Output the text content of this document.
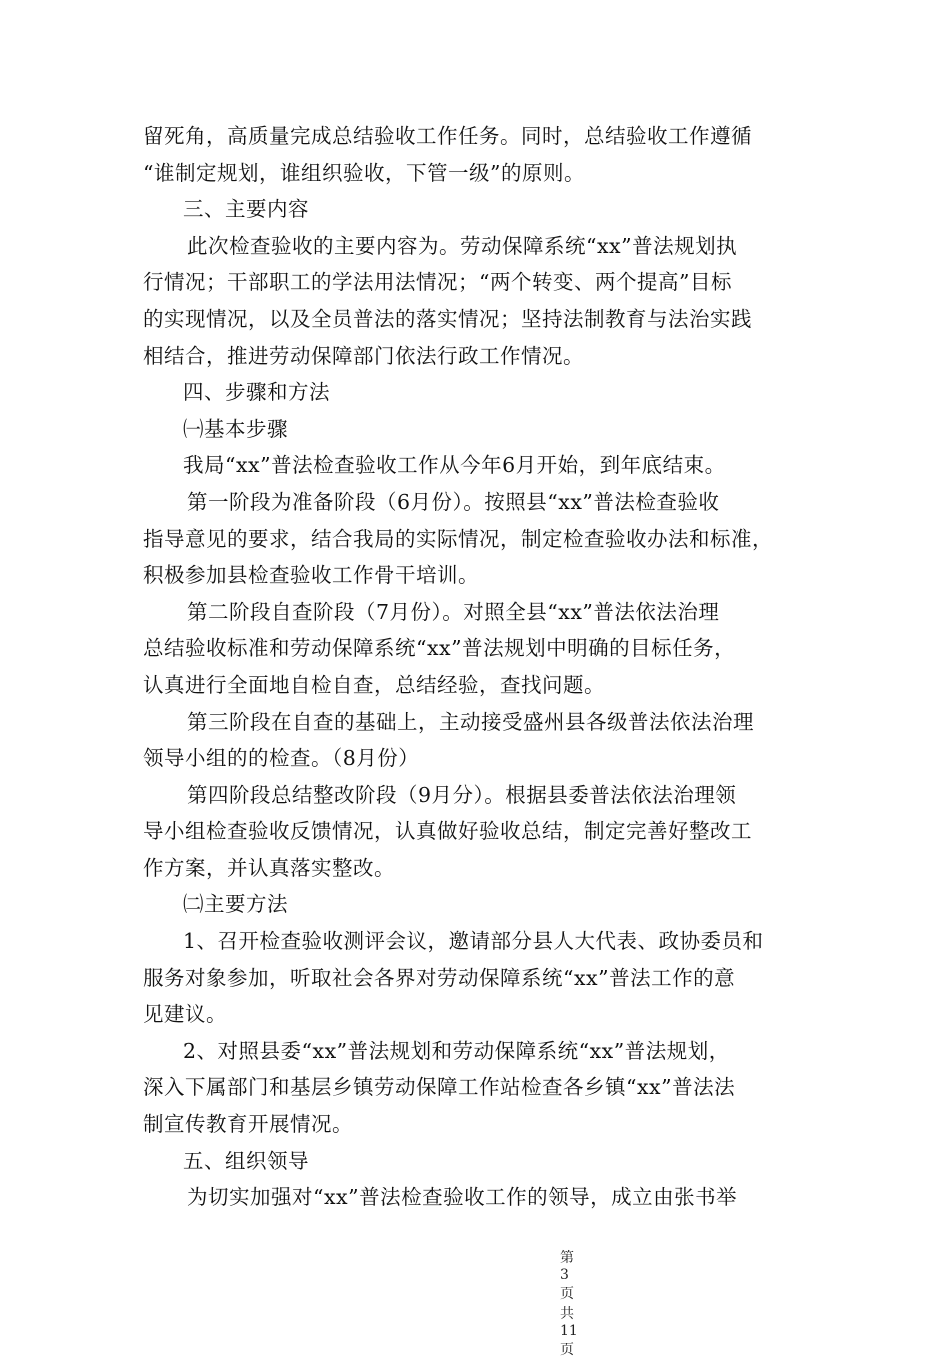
留死角，高质量完成总结验收工作任务。同时，总结验收工作遵循
“谁制定规划，谁组织验收，下管一级”的原则。
三、主要内容
此次检查验收的主要内容为。劳动保障系统“xx”普法规划执
行情况；干部职工的学法用法情况；“两个转变、两个提高”目标
的实现情况，以及全员普法的落实情况；坚持法制教育与法治实践
相结合，推进劳动保障部门依法行政工作情况。
四、步骤和方法
㈠基本步骤
我局“xx”普法检查验收工作从今年6月开始，到年底结束。
第一阶段为准备阶段（6月份）。按照县“xx”普法检查验收
指导意见的要求，结合我局的实际情况，制定检查验收办法和标准，
积极参加县检查验收工作骨干培训。
第二阶段自查阶段（7月份）。对照全县“xx”普法依法治理
总结验收标准和劳动保障系统“xx”普法规划中明确的目标任务，
认真进行全面地自检自查，总结经验，查找问题。
第三阶段在自查的基础上，主动接受盛州县各级普法依法治理
领导小组的的检查。（8月份）
第四阶段总结整改阶段（9月分）。根据县委普法依法治理领
导小组检查验收反馈情况，认真做好验收总结，制定完善好整改工
作方案，并认真落实整改。
㈡主要方法
1、召开检查验收测评会议，邀请部分县人大代表、政协委员和
服务对象参加，听取社会各界对劳动保障系统“xx”普法工作的意
见建议。
2、对照县委“xx”普法规划和劳动保障系统“xx”普法规划，
深入下属部门和基层乡镇劳动保障工作站检查各乡镇“xx”普法法
制宣传教育开展情况。
五、组织领导
为切实加强对“xx”普法检查验收工作的领导，成立由张书举
第3页共11页
